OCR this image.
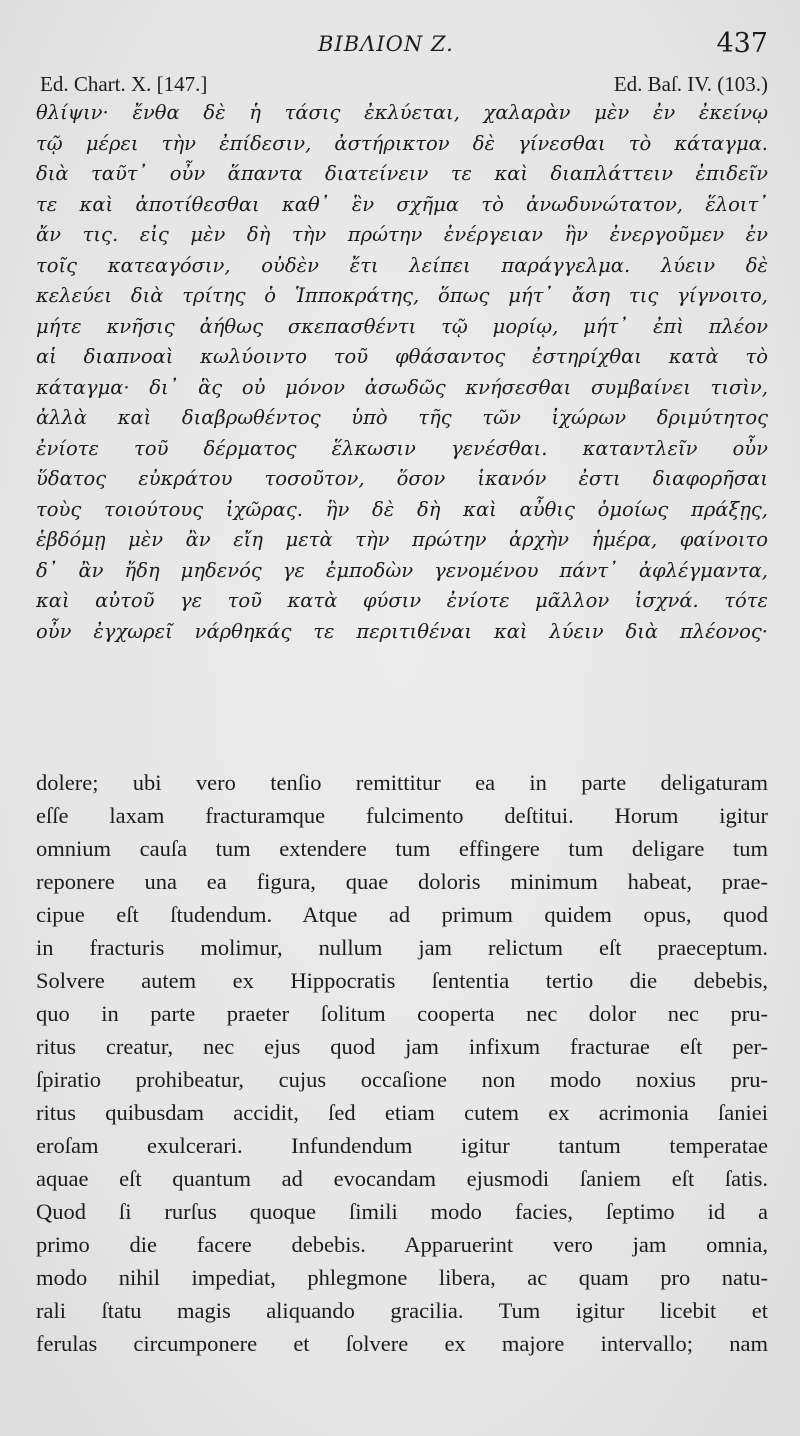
BIBΛΙΟΝ Z.	437
Ed. Chart. X. [147.]	Ed. Baſ. IV. (103.)
θλίψιν· ἔνθα δὲ ἡ τάσις ἐκλύεται, χαλαρὰν μὲν ἐν ἐκείνῳ
τῷ μέρει τὴν ἐπίδεσιν, ἀστήρικτον δὲ γίνεσθαι τὸ κάταγμα.
διὰ ταῦτ᾽ οὖν ἅπαντα διατείνειν τε καὶ διαπλάττειν ἐπιδεῖν
τε καὶ ἀποτίθεσθαι καθ᾽ ἓν σχῆμα τὸ ἀνωδυνώτατον, ἕλοιτ᾽
ἄν τις. εἰς μὲν δὴ τὴν πρώτην ἐνέργειαν ἣν ἐνεργοῦμεν ἐν
τοῖς κατεαγόσιν, οὐδὲν ἔτι λείπει παράγγελμα. λύειν δὲ
κελεύει διὰ τρίτης ὁ Ἱπποκράτης, ὅπως μήτ᾽ ἄση τις γίγνοιτο,
μήτε κνῆσις ἀήθως σκεπασθέντι τῷ μορίῳ, μήτ᾽ ἐπὶ πλέον
αἱ διαπνοαὶ κωλύοιντο τοῦ φθάσαντος ἐστηρίχθαι κατὰ τὸ
κάταγμα· δι᾽ ἃς οὐ μόνον ἀσωδῶς κνήσεσθαι συμβαίνει τισὶν,
ἀλλὰ καὶ διαβρωθέντος ὑπὸ τῆς τῶν ἰχώρων δριμύτητος
ἐνίοτε τοῦ δέρματος ἕλκωσιν γενέσθαι. καταντλεῖν οὖν
ὕδατος εὐκράτου τοσοῦτον, ὅσον ἱκανόν ἐστι διαφορῆσαι
τοὺς τοιούτους ἰχῶρας. ἣν δὲ δὴ καὶ αὖθις ὁμοίως πράξῃς,
ἑβδόμῃ μὲν ἂν εἴη μετὰ τὴν πρώτην ἀρχὴν ἡμέρα, φαίνοιτο
δ᾽ ἂν ἤδη μηδενός γε ἐμποδὼν γενομένου πάντ᾽ ἀφλέγμαντα,
καὶ αὐτοῦ γε τοῦ κατὰ φύσιν ἐνίοτε μᾶλλον ἰσχνά. τότε
οὖν ἐγχωρεῖ νάρθηκάς τε περιτιθέναι καὶ λύειν διὰ πλέονος·
dolere; ubi vero tenſio remittitur ea in parte deligaturam
eſſe laxam fracturamque fulcimento deſtitui. Horum igitur
omnium cauſa tum extendere tum effingere tum deligare tum
reponere una ea figura, quae doloris minimum habeat, prae-
cipue eſt ſtudendum. Atque ad primum quidem opus, quod
in fracturis molimur, nullum jam relictum eſt praeceptum.
Solvere autem ex Hippocratis ſententia tertio die debebis,
quo in parte praeter ſolitum cooperta nec dolor nec pru-
ritus creatur, nec ejus quod jam infixum fracturae eſt per-
ſpiratio prohibeatur, cujus occaſione non modo noxius pru-
ritus quibusdam accidit, ſed etiam cutem ex acrimonia ſaniei
eroſam exulcerari. Infundendum igitur tantum temperatae
aquae eſt quantum ad evocandam ejusmodi ſaniem eſt ſatis.
Quod ſi rurſus quoque ſimili modo facies, ſeptimo id a
primo die facere debebis. Apparuerint vero jam omnia,
modo nihil impediat, phlegmone libera, ac quam pro natu-
rali ſtatu magis aliquando gracilia. Tum igitur licebit et
ferulas circumponere et ſolvere ex majore intervallo; nam
